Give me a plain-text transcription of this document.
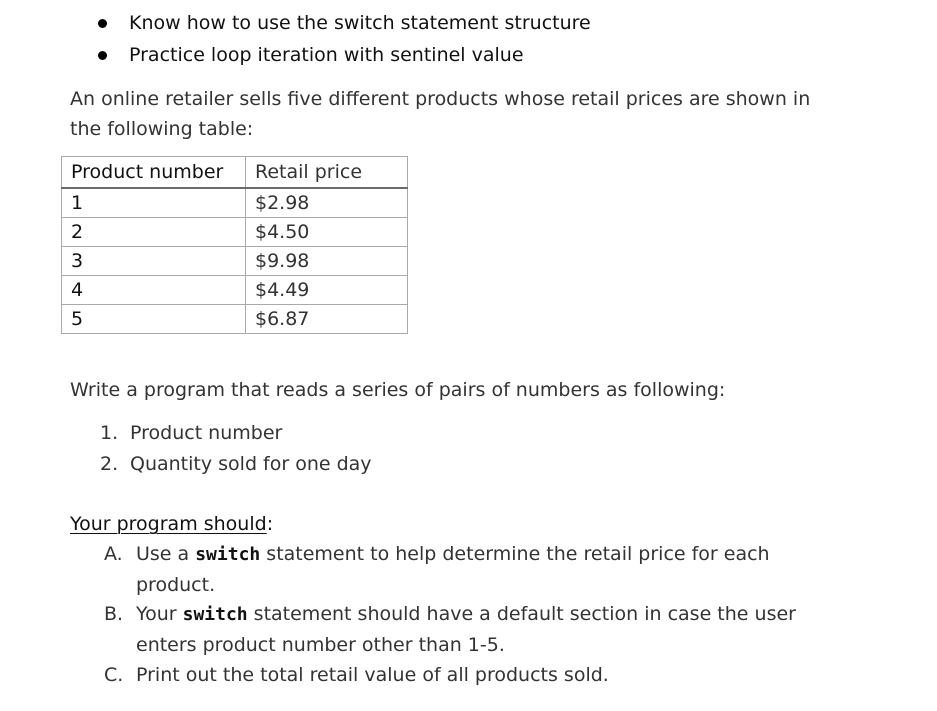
Know how to use the switch statement structure
Practice loop iteration with sentinel value
An online retailer sells five different products whose retail prices are shown in the following table:
Product number	Retail price
1	$2.98
2	$4.50
3	$9.98
4	$4.49
5	$6.87
Write a program that reads a series of pairs of numbers as following:
1. Product number
2. Quantity sold for one day
Your program should:
A. Use a switch statement to help determine the retail price for each product.
B. Your switch statement should have a default section in case the user enters product number other than 1-5.
C. Print out the total retail value of all products sold.
